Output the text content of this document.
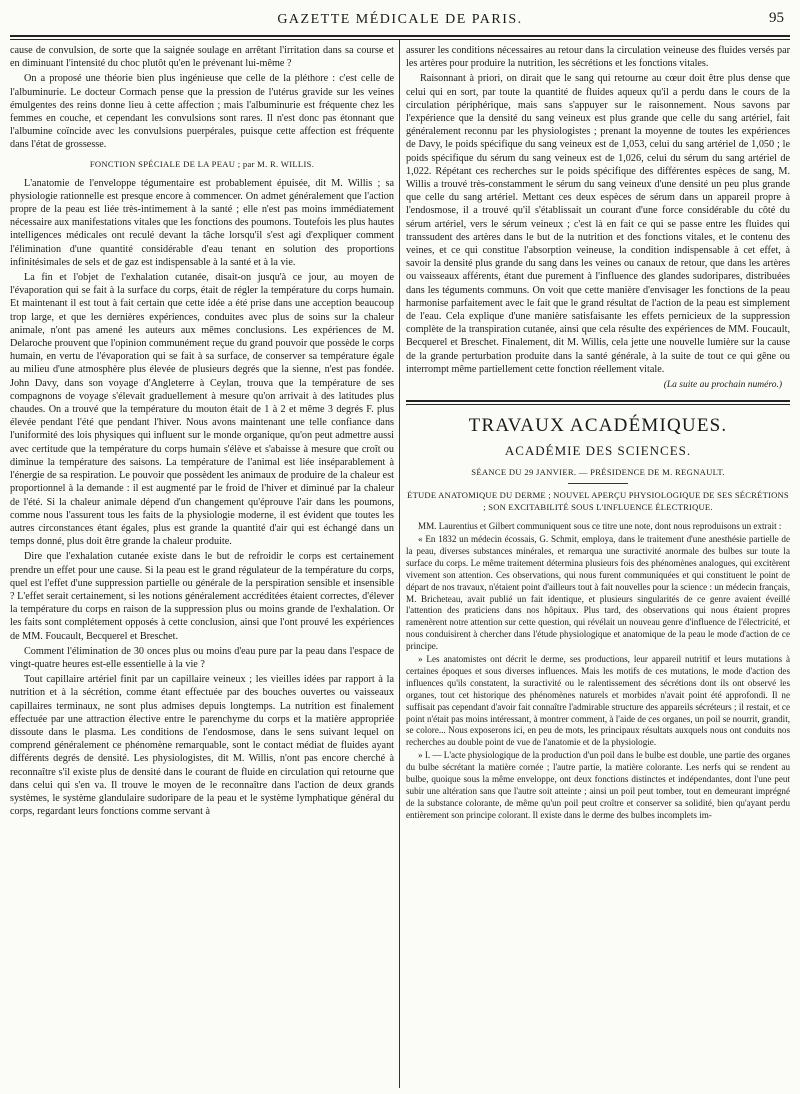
GAZETTE MÉDICALE DE PARIS.	95

cause de convulsion, de sorte que la saignée soulage en arrêtant l'irritation dans sa course et en diminuant l'intensité du choc plutôt qu'en le prévenant lui-même ?

On a proposé une théorie bien plus ingénieuse que celle de la pléthore : c'est celle de l'albuminurie. Le docteur Cormach pense que la pression de l'utérus gravide sur les veines émulgentes des reins donne lieu à cette affection ; mais l'albuminurie est fréquente chez les femmes en couche, et cependant les convulsions sont rares. Il n'est donc pas étonnant que l'albumine coïncide avec les convulsions puerpérales, puisque cette affection est fréquente dans l'état de grossesse.

FONCTION SPÉCIALE DE LA PEAU ; par M. R. WILLIS.

L'anatomie de l'enveloppe tégumentaire est probablement épuisée, dit M. Willis ; sa physiologie rationnelle est presque encore à commencer. On admet généralement que l'action propre de la peau est liée très-intimement à la santé ; elle n'est pas moins immédiatement nécessaire aux manifestations vitales que les fonctions des poumons. Toutefois les plus hautes intelligences médicales ont reculé devant la tâche lorsqu'il s'est agi d'expliquer comment l'élimination d'une quantité considérable d'eau tenant en solution des proportions infinitésimales de sels et de gaz est indispensable à la santé et à la vie.

La fin et l'objet de l'exhalation cutanée, disait-on jusqu'à ce jour, au moyen de l'évaporation qui se fait à la surface du corps, était de régler la température du corps humain. Et maintenant il est tout à fait certain que cette idée a été prise dans une acception beaucoup trop large, et que les dernières expériences, conduites avec plus de soins sur la chaleur animale, n'ont pas amené les auteurs aux mêmes conclusions. Les expériences de M. Delaroche prouvent que l'opinion communément reçue du grand pouvoir que possède le corps humain, en vertu de l'évaporation qui se fait à sa surface, de conserver sa température égale au milieu d'une atmosphère plus élevée de plusieurs degrés que la sienne, n'est pas fondée. John Davy, dans son voyage d'Angleterre à Ceylan, trouva que la température de ses compagnons de voyage s'élevait graduellement à mesure qu'on arrivait à des latitudes plus chaudes. On a trouvé que la température du mouton était de 1 à 2 et même 3 degrés F. plus élevée pendant l'été que pendant l'hiver. Nous avons maintenant une telle confiance dans l'uniformité des lois physiques qui influent sur le monde organique, qu'on peut admettre aussi avec certitude que la température du corps humain s'élève et s'abaisse à mesure que croît ou diminue la température des saisons. La température de l'animal est liée inséparablement à l'énergie de sa respiration. Le pouvoir que possèdent les animaux de produire de la chaleur est proportionnel à la demande : il est augmenté par le froid de l'hiver et diminué par la chaleur de l'été. Si la chaleur animale dépend d'un changement qu'éprouve l'air dans les poumons, comme nous l'assurent tous les faits de la physiologie moderne, il est évident que toutes les autres circonstances étant égales, plus est grande la quantité d'air qui est échangé dans un temps donné, plus doit être grande la chaleur produite.

Dire que l'exhalation cutanée existe dans le but de refroidir le corps est certainement prendre un effet pour une cause. Si la peau est le grand régulateur de la température du corps, quel est l'effet d'une suppression partielle ou générale de la perspiration sensible et insensible ? L'effet serait certainement, si les notions généralement accréditées étaient correctes, d'élever la température du corps en raison de la suppression plus ou moins grande de l'exhalation. Or les faits sont complétement opposés à cette conclusion, ainsi que l'ont prouvé les expériences de MM. Foucault, Becquerel et Breschet.

Comment l'élimination de 30 onces plus ou moins d'eau pure par la peau dans l'espace de vingt-quatre heures est-elle essentielle à la vie ?

Tout capillaire artériel finit par un capillaire veineux ; les vieilles idées par rapport à la nutrition et à la sécrétion, comme étant effectuée par des bouches ouvertes ou vaisseaux capillaires terminaux, ne sont plus admises depuis longtemps. La nutrition est finalement effectuée par une attraction élective entre le parenchyme du corps et la matière appropriée dissoute dans le plasma. Les conditions de l'endosmose, dans le sens suivant lequel on comprend généralement ce phénomène remarquable, sont le contact médiat de fluides ayant différents degrés de densité. Les physiologistes, dit M. Willis, n'ont pas encore cherché à reconnaître s'il existe plus de densité dans le courant de fluide en circulation qui retourne que dans celui qui s'en va. Il trouve le moyen de le reconnaître dans l'action de deux grands systèmes, le système glandulaire sudoripare de la peau et le système lymphatique général du corps, regardant leurs fonctions comme servant à

assurer les conditions nécessaires au retour dans la circulation veineuse des fluides versés par les artères pour produire la nutrition, les sécrétions et les fonctions vitales.

Raisonnant à priori, on dirait que le sang qui retourne au cœur doit être plus dense que celui qui en sort, par toute la quantité de fluides aqueux qu'il a perdu dans le cours de la circulation périphérique, mais sans s'appuyer sur le raisonnement. Nous savons par l'expérience que la densité du sang veineux est plus grande que celle du sang artériel, fait généralement reconnu par les physiologistes ; prenant la moyenne de toutes les expériences de Davy, le poids spécifique du sang veineux est de 1,053, celui du sang artériel de 1,050 ; le poids spécifique du sérum du sang veineux est de 1,026, celui du sérum du sang artériel de 1,022. Répétant ces recherches sur le poids spécifique des différentes espèces de sang, M. Willis a trouvé très-constamment le sérum du sang veineux d'une densité un peu plus grande que celle du sang artériel. Mettant ces deux espèces de sérum dans un appareil propre à l'endosmose, il a trouvé qu'il s'établissait un courant d'une force considérable du côté du sérum artériel, vers le sérum veineux ; c'est là en fait ce qui se passe entre les fluides qui transsudent des artères dans le but de la nutrition et des fonctions vitales, et le contenu des veines, et ce qui constitue l'absorption veineuse, la condition indispensable à cet effet, à savoir la densité plus grande du sang dans les veines ou canaux de retour, que dans les artères ou vaisseaux afférents, étant due purement à l'influence des glandes sudoripares, distribuées dans les téguments communs. On voit que cette manière d'envisager les fonctions de la peau harmonise parfaitement avec le fait que le grand résultat de l'action de la peau est simplement de l'eau. Cela explique d'une manière satisfaisante les effets pernicieux de la suppression complète de la transpiration cutanée, ainsi que cela résulte des expériences de MM. Foucault, Becquerel et Breschet. Finalement, dit M. Willis, cela jette une nouvelle lumière sur la cause de la grande perturbation produite dans la santé générale, à la suite de tout ce qui gêne ou interrompt même partiellement cette fonction réellement vitale.

(La suite au prochain numéro.)
TRAVAUX ACADÉMIQUES.
ACADÉMIE DES SCIENCES.
SÉANCE DU 29 JANVIER. — PRÉSIDENCE DE M. REGNAULT.
ÉTUDE ANATOMIQUE DU DERME ; NOUVEL APERÇU PHYSIOLOGIQUE DE SES SÉCRÉTIONS ; SON EXCITABILITÉ SOUS L'INFLUENCE ÉLECTRIQUE.

MM. Laurentius et Gilbert communiquent sous ce titre une note, dont nous reproduisons un extrait :

« En 1832 un médecin écossais, G. Schmit, employa, dans le traitement d'une anesthésie partielle de la peau, diverses substances minérales, et remarqua une suractivité anormale des bulbes sur toute la surface du corps. Le même traitement détermina plusieurs fois des phénomènes analogues, qui excitèrent vivement son attention. Ces observations, qui nous furent communiquées et qui constituent le point de départ de nos travaux, n'étaient point d'ailleurs tout à fait nouvelles pour la science : un médecin français, M. Bricheteau, avait publié un fait identique, et plusieurs singularités de ce genre avaient éveillé l'attention des praticiens dans nos hôpitaux. Plus tard, des observations qui nous étaient propres ramenèrent notre attention sur cette question, qui révélait un nouveau genre d'influence de l'électricité, et nous conduisirent à chercher dans l'étude physiologique et anatomique de la peau le mode d'action de ce principe.

» Les anatomistes ont décrit le derme, ses productions, leur appareil nutritif et leurs mutations à certaines époques et sous diverses influences. Mais les motifs de ces mutations, le mode d'action des influences qu'ils constatent, la suractivité ou le ralentissement des sécrétions dont ils ont observé les organes, tout cet historique des phénomènes naturels et morbides n'avait point été approfondi. Il ne suffisait pas cependant d'avoir fait connaître l'admirable structure des appareils sécréteurs ; il restait, et ce point n'était pas moins intéressant, à montrer comment, à l'aide de ces organes, un poil se nourrit, grandit, se colore... Nous exposerons ici, en peu de mots, les principaux résultats auxquels nous ont conduits nos recherches au double point de vue de l'anatomie et de la physiologie.

» I. — L'acte physiologique de la production d'un poil dans le bulbe est double, une partie des organes du bulbe sécrétant la matière cornée ; l'autre partie, la matière colorante. Les nerfs qui se rendent au bulbe, quoique sous la même enveloppe, ont deux fonctions distinctes et indépendantes, dont l'une peut subir une altération sans que l'autre soit atteinte ; ainsi un poil peut tomber, tout en demeurant imprégné de la substance colorante, de même qu'un poil peut croître et conserver sa solidité, bien qu'ayant perdu entièrement son principe colorant. Il existe dans le derme des bulbes incomplets im-
